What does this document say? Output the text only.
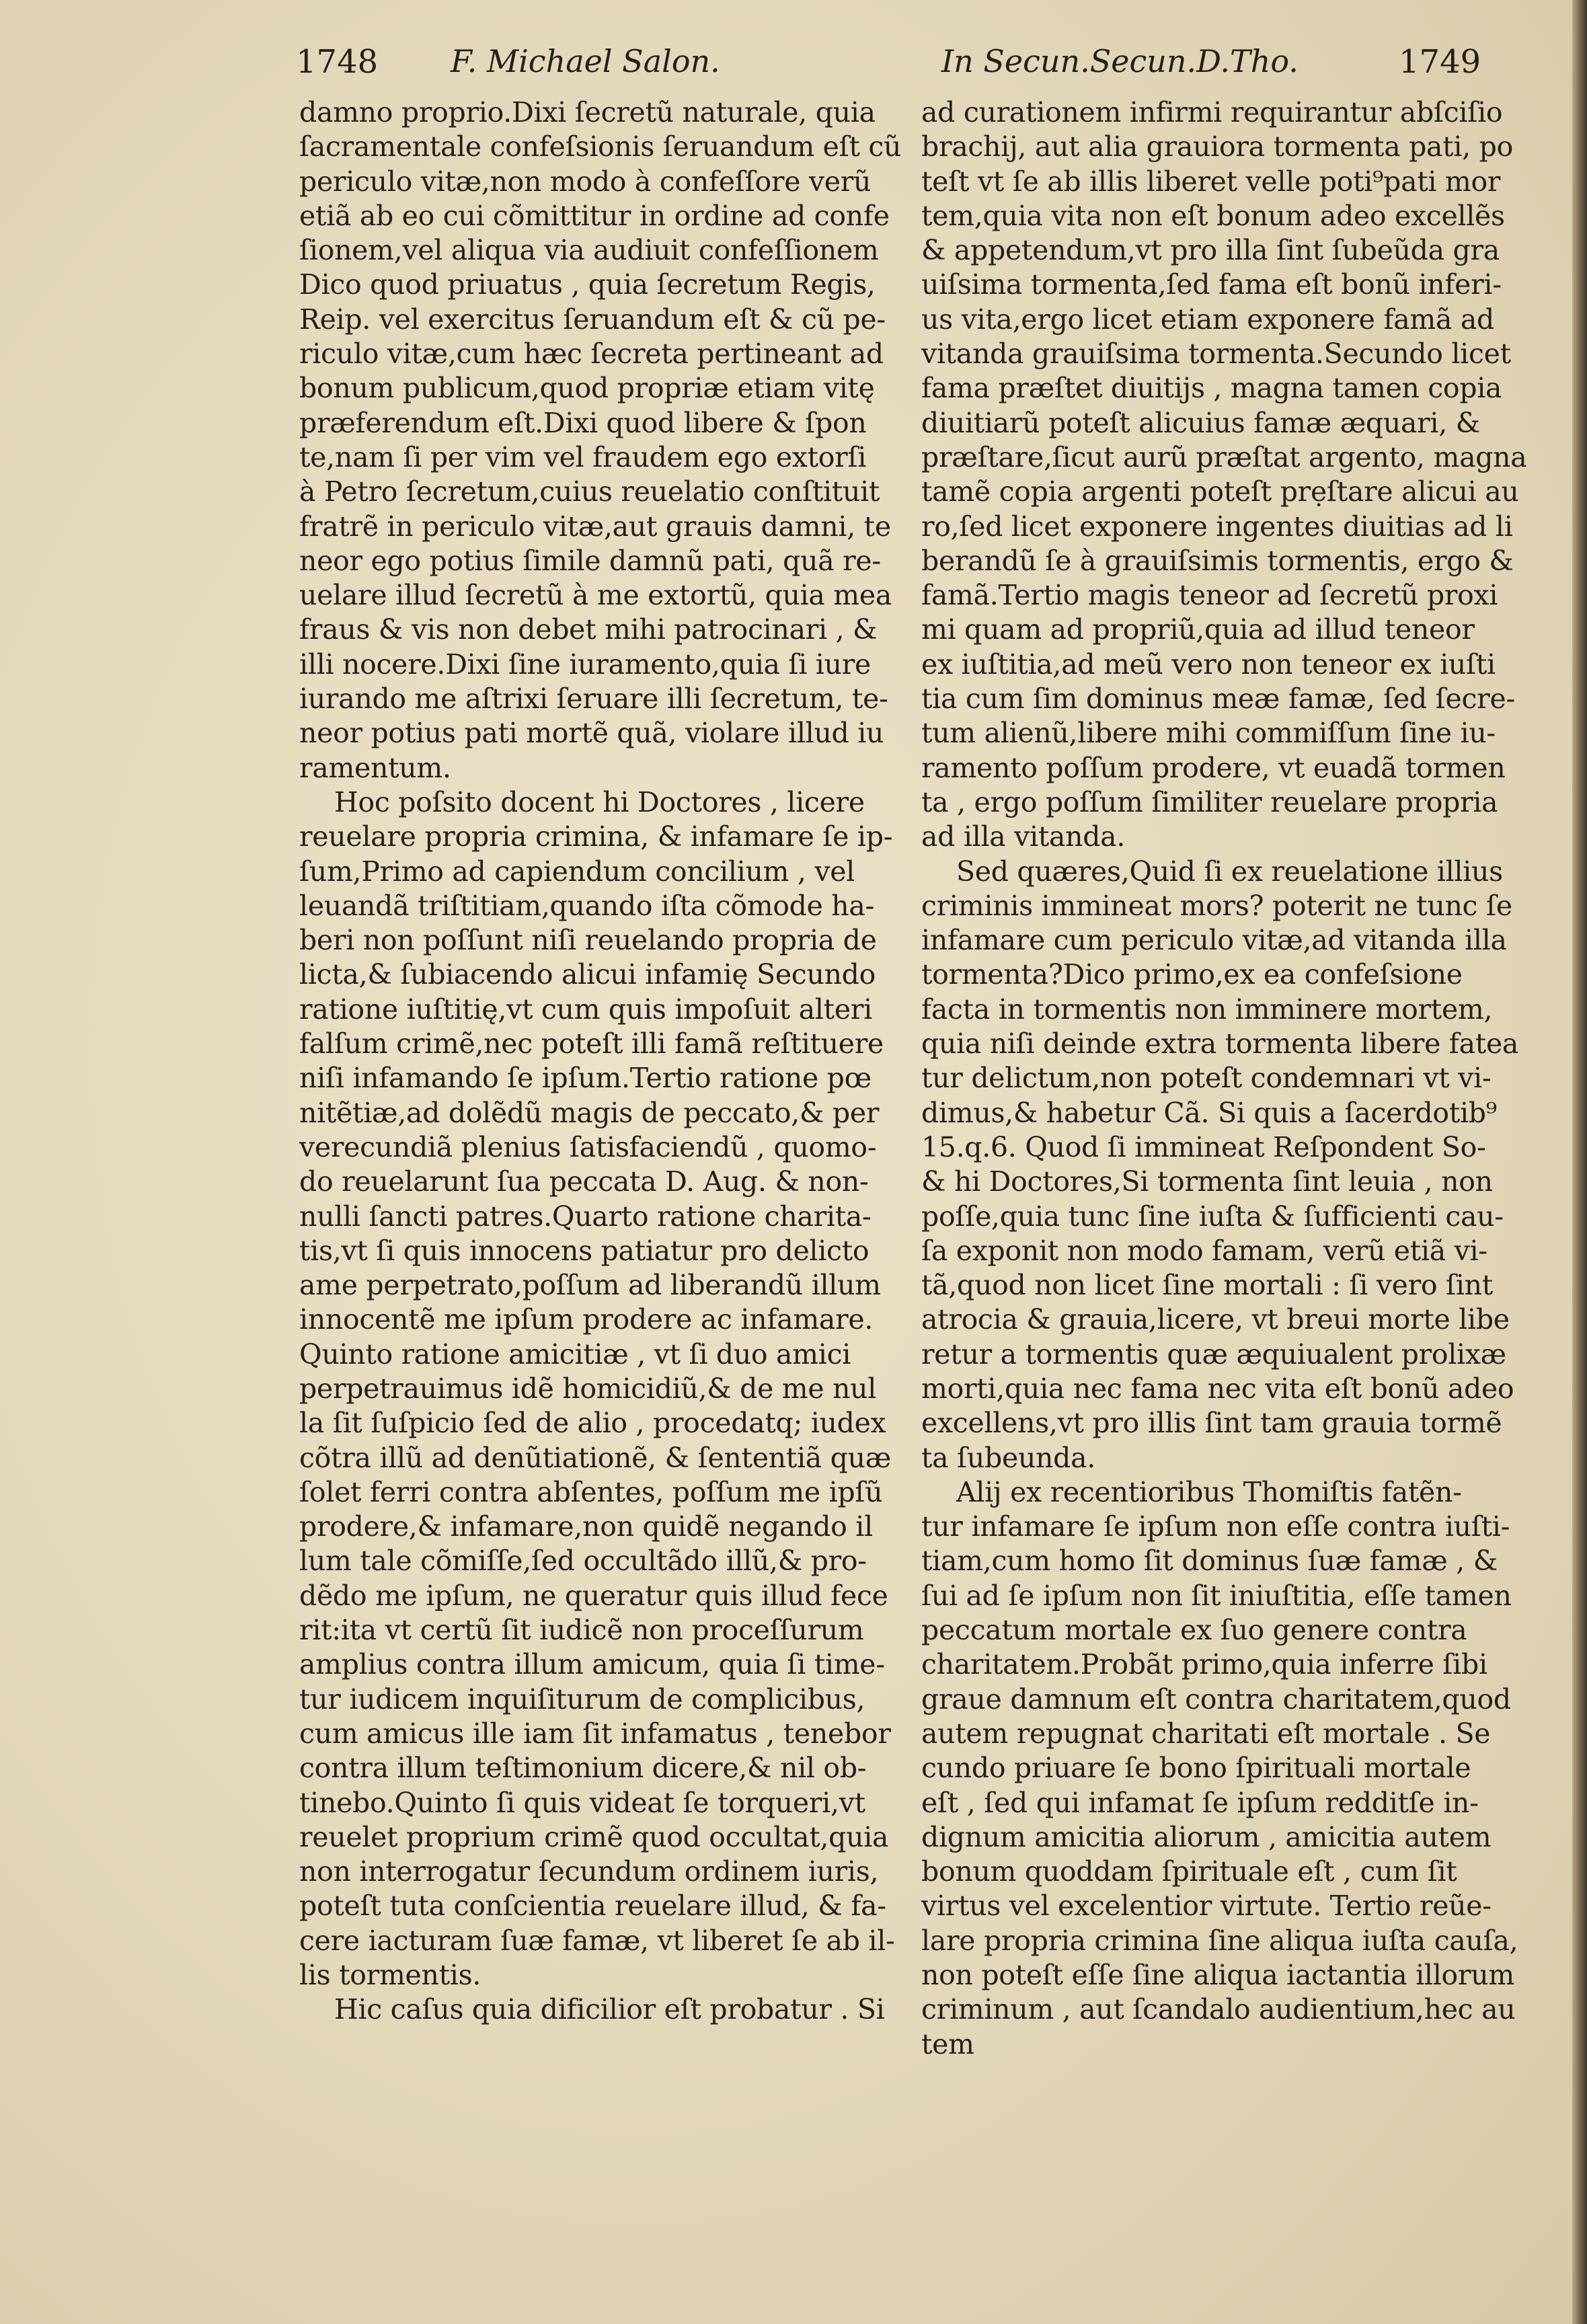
1748 F. Michael Salon.	In Secun.Secun.D.Tho.	1749
damno proprio.Dixi ſecretũ naturale, quia
ſacramentale confeſsionis ſeruandum eſt cũ
periculo vitæ,non modo à confeſſore verũ
etiã ab eo cui cõmittitur in ordine ad confe
ſionem,vel aliqua via audiuit confeſſionem
Dico quod priuatus , quia ſecretum Regis,
Reip. vel exercitus ſeruandum eſt & cũ pe-
riculo vitæ,cum hæc ſecreta pertineant ad
bonum publicum,quod propriæ etiam vitę
præferendum eſt.Dixi quod libere & ſpon
te,nam ſi per vim vel fraudem ego extorſi
à Petro ſecretum,cuius reuelatio conſtituit
fratrẽ in periculo vitæ,aut grauis damni, te
neor ego potius ſimile damnũ pati, quã re-
uelare illud ſecretũ à me extortũ, quia mea
fraus & vis non debet mihi patrocinari , &
illi nocere.Dixi ſine iuramento,quia ſi iure
iurando me aſtrixi ſeruare illi ſecretum, te-
neor potius pati mortẽ quã, violare illud iu
ramentum.
Hoc poſsito docent hi Doctores , licere
reuelare propria crimina, & infamare ſe ip-
ſum,Primo ad capiendum concilium , vel
leuandã triſtitiam,quando iſta cõmode ha-
beri non poſſunt niſi reuelando propria de
licta,& ſubiacendo alicui infamię Secundo
ratione iuſtitię,vt cum quis impoſuit alteri
falſum crimẽ,nec poteſt illi famã reſtituere
niſi infamando ſe ipſum.Tertio ratione pœ
nitẽtiæ,ad dolẽdũ magis de peccato,& per
verecundiã plenius ſatisfaciendũ , quomo-
do reuelarunt ſua peccata D. Aug. & non-
nulli ſancti patres.Quarto ratione charita-
tis,vt ſi quis innocens patiatur pro delicto
ame perpetrato,poſſum ad liberandũ illum
innocentẽ me ipſum prodere ac infamare.
Quinto ratione amicitiæ , vt ſi duo amici
perpetrauimus idẽ homicidiũ,& de me nul
la ſit ſuſpicio ſed de alio , procedatq; iudex
cõtra illũ ad denũtiationẽ, & ſententiã quæ
ſolet ferri contra abſentes, poſſum me ipſũ
prodere,& infamare,non quidẽ negando il
lum tale cõmiſſe,ſed occultãdo illũ,& pro-
dẽdo me ipſum, ne queratur quis illud fece
rit:ita vt certũ ſit iudicẽ non proceſſurum
amplius contra illum amicum, quia ſi time-
tur iudicem inquiſiturum de complicibus,
cum amicus ille iam ſit infamatus , tenebor
contra illum teſtimonium dicere,& nil ob-
tinebo.Quinto ſi quis videat ſe torqueri,vt
reuelet proprium crimẽ quod occultat,quia
non interrogatur ſecundum ordinem iuris,
poteſt tuta conſcientia reuelare illud, & fa-
cere iacturam ſuæ famæ, vt liberet ſe ab il-
lis tormentis.
Hic caſus quia dificilior eſt probatur . Si
ad curationem infirmi requirantur abſciſio
brachij, aut alia grauiora tormenta pati, po
teſt vt ſe ab illis liberet velle poti⁹pati mor
tem,quia vita non eſt bonum adeo excellẽs
& appetendum,vt pro illa ſint ſubeũda gra
uiſsima tormenta,ſed fama eſt bonũ inferi-
us vita,ergo licet etiam exponere famã ad
vitanda grauiſsima tormenta.Secundo licet
fama præſtet diuitijs , magna tamen copia
diuitiarũ poteſt alicuius famæ æquari, &
præſtare,ſicut aurũ præſtat argento, magna
tamẽ copia argenti poteſt prẹſtare alicui au
ro,ſed licet exponere ingentes diuitias ad li
berandũ ſe à grauiſsimis tormentis, ergo &
famã.Tertio magis teneor ad ſecretũ proxi
mi quam ad propriũ,quia ad illud teneor
ex iuſtitia,ad meũ vero non teneor ex iuſti
tia cum ſim dominus meæ famæ, ſed ſecre-
tum alienũ,libere mihi commiſſum ſine iu-
ramento poſſum prodere, vt euadã tormen
ta , ergo poſſum ſimiliter reuelare propria
ad illa vitanda.
Sed quæres,Quid ſi ex reuelatione illius
criminis immineat mors? poterit ne tunc ſe
infamare cum periculo vitæ,ad vitanda illa
tormenta?Dico primo,ex ea confeſsione
facta in tormentis non imminere mortem,
quia niſi deinde extra tormenta libere fatea
tur delictum,non poteſt condemnari vt vi-
dimus,& habetur Cã. Si quis a ſacerdotib⁹
15.q.6. Quod ſi immineat Reſpondent So-
& hi Doctores,Si tormenta ſint leuia , non
poſſe,quia tunc ſine iuſta & ſufficienti cau-
ſa exponit non modo famam, verũ etiã vi-
tã,quod non licet ſine mortali : ſi vero ſint
atrocia & grauia,licere, vt breui morte libe
retur a tormentis quæ æquiualent prolixæ
morti,quia nec fama nec vita eſt bonũ adeo
excellens,vt pro illis ſint tam grauia tormẽ
ta ſubeunda.
Alij ex recentioribus Thomiſtis fatẽn-
tur infamare ſe ipſum non eſſe contra iuſti-
tiam,cum homo ſit dominus ſuæ famæ , &
ſui ad ſe ipſum non ſit iniuſtitia, eſſe tamen
peccatum mortale ex ſuo genere contra
charitatem.Probãt primo,quia inferre ſibi
graue damnum eſt contra charitatem,quod
autem repugnat charitati eſt mortale . Se
cundo priuare ſe bono ſpirituali mortale
eſt , ſed qui infamat ſe ipſum redditſe in-
dignum amicitia aliorum , amicitia autem
bonum quoddam ſpirituale eſt , cum ſit
virtus vel excelentior virtute. Tertio reũe-
lare propria crimina ſine aliqua iuſta cauſa,
non poteſt eſſe ſine aliqua iactantia illorum
criminum , aut ſcandalo audientium,hec au
tem
